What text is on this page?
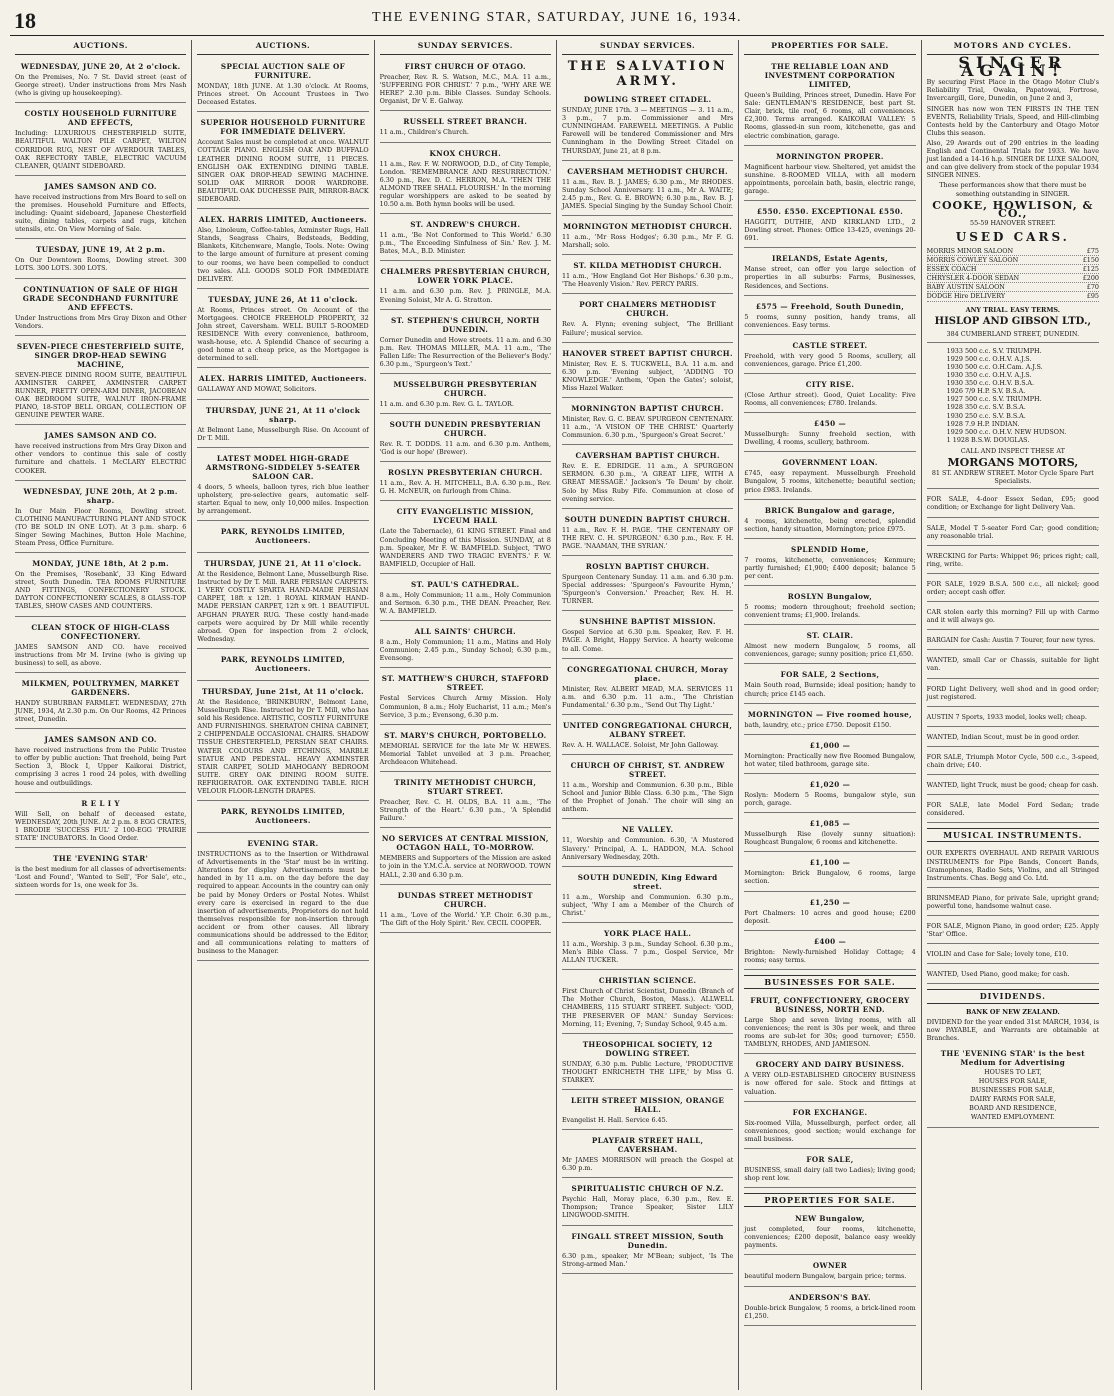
18	THE EVENING STAR, SATURDAY, JUNE 16, 1934.
AUCTIONS.
WEDNESDAY, JUNE 20, At 2 o'clock.
On the Premises, No. 7 St. David street (east of George street). Under instructions from Mrs Nash (who is giving up housekeeping).
COSTLY HOUSEHOLD FURNITURE AND EFFECTS,
Including: LUXURIOUS CHESTERFIELD SUITE, BEAUTIFUL WALTON PILE CARPET, WILTON CORRIDOR RUG, NEST OF AVERDOUR TABLES, OAK REFECTORY TABLE, ELECTRIC VACUUM CLEANER, QUAINT SIDEBOARD.
JAMES SAMSON AND CO.
have received instructions from Mrs Board to sell on the premises. Household Furniture and Effects, including: Quaint sideboard, Japanese Chesterfield suite, dining tables, carpets and rugs, kitchen utensils, etc. On View Morning of Sale.
TUESDAY, JUNE 19, At 2 p.m.
On Our Downtown Rooms, Dowling street. 300 LOTS. 300 LOTS. 300 LOTS.
CONTINUATION OF SALE OF HIGH GRADE SECONDHAND FURNITURE AND EFFECTS.
Under Instructions from Mrs Gray Dixon and Other Vendors.
SEVEN-PIECE CHESTERFIELD SUITE, SINGER DROP-HEAD SEWING MACHINE,
SEVEN-PIECE DINING ROOM SUITE, BEAUTIFUL AXMINSTER CARPET, AXMINSTER CARPET RUNNER, PRETTY OPEN-ARM DINER, JACOBEAN OAK BEDROOM SUITE, WALNUT IRON-FRAME PIANO, 18-STOP BELL ORGAN, COLLECTION OF GENUINE PEWTER WARE.
JAMES SAMSON AND CO.
have received instructions from Mrs Gray Dixon and other vendors to continue this sale of costly furniture and chattels. 1 McCLARY ELECTRIC COOKER.
WEDNESDAY, JUNE 20th, At 2 p.m. sharp.
In Our Main Floor Rooms, Dowling street. CLOTHING MANUFACTURING PLANT AND STOCK (TO BE SOLD IN ONE LOT). At 3 p.m. sharp. 6 Singer Sewing Machines, Button Hole Machine, Steam Press, Office Furniture.
MONDAY, JUNE 18th, At 2 p.m.
On the Premises, 'Rosebank', 33 King Edward street, South Dunedin. TEA ROOMS FURNITURE AND FITTINGS, CONFECTIONERY STOCK. DAYTON CONFECTIONERY SCALES, 8 GLASS-TOP TABLES, SHOW CASES AND COUNTERS.
CLEAN STOCK OF HIGH-CLASS CONFECTIONERY.
JAMES SAMSON AND CO. have received instructions from Mr M. Irvine (who is giving up business) to sell, as above.
MILKMEN, POULTRYMEN, MARKET GARDENERS.
HANDY SUBURBAN FARMLET. WEDNESDAY, 27th JUNE, 1934, At 2.30 p.m. On Our Rooms, 42 Princes street, Dunedin.
JAMES SAMSON AND CO.
have received instructions from the Public Trustee to offer by public auction: That freehold, being Part Section 3, Block I, Upper Kaikorai District, comprising 3 acres 1 rood 24 poles, with dwelling house and outbuildings.
R E L I Y
Will Sell, on behalf of deceased estate, WEDNESDAY, 20th JUNE. At 2 p.m. 8 EGG CRATES, 1 BRODIE 'SUCCESS FUL' 2 100-EGG 'PRAIRIE STATE' INCUBATORS. In Good Order.
THE 'EVENING STAR'
is the best medium for all classes of advertisements: 'Lost and Found', 'Wanted to Sell', 'For Sale', etc., sixteen words for 1s, one week for 3s.
AUCTIONS.
SPECIAL AUCTION SALE OF FURNITURE.
MONDAY, 18th JUNE. At 1.30 o'clock. At Rooms, Princes street. On Account Trustees in Two Deceased Estates.
SUPERIOR HOUSEHOLD FURNITURE FOR IMMEDIATE DELIVERY.
Account Sales must be completed at once. WALNUT COTTAGE PIANO. ENGLISH OAK AND BUFFALO LEATHER DINING ROOM SUITE, 11 PIECES. ENGLISH OAK EXTENDING DINING TABLE. SINGER OAK DROP-HEAD SEWING MACHINE. SOLID OAK MIRROR DOOR WARDROBE. BEAUTIFUL OAK DUCHESSE PAIR, MIRROR-BACK SIDEBOARD.
ALEX. HARRIS LIMITED, Auctioneers.
Also, Linoleum, Coffee-tables, Axminster Rugs, Hall Stands, Seagrass Chairs, Bedsteads, Bedding, Blankets, Kitchenware, Mangle, Tools. Note: Owing to the large amount of furniture at present coming to our rooms, we have been compelled to conduct two sales. ALL GOODS SOLD FOR IMMEDIATE DELIVERY.
TUESDAY, JUNE 26, At 11 o'clock.
At Rooms, Princes street. On Account of the Mortgagees. CHOICE FREEHOLD PROPERTY, 32 John street, Caversham. WELL BUILT 5-ROOMED RESIDENCE With every convenience, bathroom, wash-house, etc. A Splendid Chance of securing a good home at a cheap price, as the Mortgagee is determined to sell.
ALEX. HARRIS LIMITED, Auctioneers.
GALLAWAY AND MOWAT, Solicitors.
THURSDAY, JUNE 21, At 11 o'clock sharp.
At Belmont Lane, Musselburgh Rise. On Account of Dr T. Mill.
LATEST MODEL HIGH-GRADE ARMSTRONG-SIDDELEY 5-SEATER SALOON CAR.
4 doors, 5 wheels, balloon tyres, rich blue leather upholstery, pre-selective gears, automatic self-starter. Equal to new, only 10,000 miles. Inspection by arrangement.
PARK, REYNOLDS LIMITED, Auctioneers.
THURSDAY, JUNE 21, At 11 o'clock.
At the Residence, Belmont Lane, Musselburgh Rise. Instructed by Dr T. Mill. RARE PERSIAN CARPETS. 1 VERY COSTLY SPARTA HAND-MADE PERSIAN CARPET, 18ft x 12ft. 1 ROYAL KIRMAN HAND-MADE PERSIAN CARPET, 12ft x 9ft. 1 BEAUTIFUL AFGHAN PRAYER RUG. These costly hand-made carpets were acquired by Dr Mill while recently abroad. Open for inspection from 2 o'clock, Wednesday.
PARK, REYNOLDS LIMITED, Auctioneers.
THURSDAY, June 21st, At 11 o'clock.
At the Residence, 'BRINKBURN', Belmont Lane, Musselburgh Rise. Instructed by Dr T. Mill, who has sold his Residence. ARTISTIC, COSTLY FURNITURE AND FURNISHINGS. SHERATON CHINA CABINET, 2 CHIPPENDALE OCCASIONAL CHAIRS. SHADOW TISSUE CHESTERFIELD, PERSIAN SEAT CHAIRS. WATER COLOURS AND ETCHINGS, MARBLE STATUE AND PEDESTAL. HEAVY AXMINSTER STAIR CARPET, SOLID MAHOGANY BEDROOM SUITE. GREY OAK DINING ROOM SUITE. REFRIGERATOR. OAK EXTENDING TABLE. RICH VELOUR FLOOR-LENGTH DRAPES.
PARK, REYNOLDS LIMITED, Auctioneers.
EVENING STAR.
INSTRUCTIONS as to the Insertion or Withdrawal of Advertisements in the 'Star' must be in writing. Alterations for display Advertisements must be handed in by 11 a.m. on the day before the day required to appear. Accounts in the country can only be paid by Money Orders or Postal Notes. Whilst every care is exercised in regard to the due insertion of advertisements, Proprietors do not hold themselves responsible for non-insertion through accident or from other causes. All library communications should be addressed to the Editor, and all communications relating to matters of business to the Manager.
SUNDAY SERVICES.
FIRST CHURCH OF OTAGO.
Preacher, Rev. R. S. Watson, M.C., M.A. 11 a.m., 'SUFFERING FOR CHRIST.' 7 p.m., 'WHY ARE WE HERE?' 2.30 p.m. Bible Classes. Sunday Schools. Organist, Dr V. E. Galway.
RUSSELL STREET BRANCH.
11 a.m., Children's Church.
KNOX CHURCH.
11 a.m., Rev. F. W. NORWOOD, D.D., of City Temple, London. 'REMEMBRANCE AND RESURRECTION.' 6.30 p.m., Rev. D. C. HERRON, M.A. 'THEN THE ALMOND TREE SHALL FLOURISH.' In the morning regular worshippers are asked to be seated by 10.50 a.m. Both hymn books will be used.
ST. ANDREW'S CHURCH.
11 a.m., 'Be Not Conformed to This World.' 6.30 p.m., 'The Exceeding Sinfulness of Sin.' Rev. J. M. Bates, M.A., B.D. Minister.
CHALMERS PRESBYTERIAN CHURCH, LOWER YORK PLACE.
11 a.m. and 6.30 p.m. Rev. J. PRINGLE, M.A. Evening Soloist, Mr A. G. Stratton.
ST. STEPHEN'S CHURCH, NORTH DUNEDIN.
Corner Dunedin and Howe streets. 11 a.m. and 6.30 p.m. Rev. THOMAS MILLER, M.A. 11 a.m., 'The Fallen Life: The Resurrection of the Believer's Body.' 6.30 p.m., 'Spurgeon's Text.'
MUSSELBURGH PRESBYTERIAN CHURCH.
11 a.m. and 6.30 p.m. Rev. G. L. TAYLOR.
SOUTH DUNEDIN PRESBYTERIAN CHURCH.
Rev. R. T. DODDS. 11 a.m. and 6.30 p.m. Anthem, 'God is our hope' (Brewer).
ROSLYN PRESBYTERIAN CHURCH.
11 a.m., Rev. A. H. MITCHELL, B.A. 6.30 p.m., Rev. G. H. McNEUR, on furlough from China.
CITY EVANGELISTIC MISSION, LYCEUM HALL
(Late the Tabernacle), 61 KING STREET. Final and Concluding Meeting of this Mission. SUNDAY, at 8 p.m. Speaker, Mr F. W. BAMFIELD. Subject, 'TWO WANDERERS AND TWO TRAGIC EVENTS.' F. W. BAMFIELD, Occupier of Hall.
ST. PAUL'S CATHEDRAL.
8 a.m., Holy Communion; 11 a.m., Holy Communion and Sermon. 6.30 p.m., THE DEAN. Preacher, Rev. W. A. BAMFIELD.
ALL SAINTS' CHURCH.
8 a.m., Holy Communion; 11 a.m., Matins and Holy Communion; 2.45 p.m., Sunday School; 6.30 p.m., Evensong.
ST. MATTHEW'S CHURCH, STAFFORD STREET.
Festal Services Church Army Mission. Holy Communion, 8 a.m.; Holy Eucharist, 11 a.m.; Men's Service, 3 p.m.; Evensong, 6.30 p.m.
ST. MARY'S CHURCH, PORTOBELLO.
MEMORIAL SERVICE for the late Mr W. HEWES. Memorial Tablet unveiled at 3 p.m. Preacher, Archdeacon Whitehead.
TRINITY METHODIST CHURCH, STUART STREET.
Preacher, Rev. C. H. OLDS, B.A. 11 a.m., 'The Strength of the Heart.' 6.30 p.m., 'A Splendid Failure.'
NO SERVICES AT CENTRAL MISSION, OCTAGON HALL, TO-MORROW.
MEMBERS and Supporters of the Mission are asked to join in the Y.M.C.A. service at NORWOOD. TOWN HALL, 2.30 and 6.30 p.m.
DUNDAS STREET METHODIST CHURCH.
11 a.m., 'Love of the World.' Y.P. Choir. 6.30 p.m., 'The Gift of the Holy Spirit.' Rev. CECIL COOPER.
SUNDAY SERVICES.
THE SALVATION ARMY.
DOWLING STREET CITADEL.
SUNDAY, JUNE 17th. 3 — MEETINGS — 3. 11 a.m., 3 p.m., 7 p.m. Commissioner and Mrs CUNNINGHAM. FAREWELL MEETINGS. A Public Farewell will be tendered Commissioner and Mrs Cunningham in the Dowling Street Citadel on THURSDAY, June 21, at 8 p.m.
CAVERSHAM METHODIST CHURCH.
11 a.m., Rev. B. J. JAMES; 6.30 p.m., Mr RHODES. Sunday School Anniversary. 11 a.m., Mr A. WAITE; 2.45 p.m., Rev. G. E. BROWN; 6.30 p.m., Rev. B. J. JAMES. Special Singing by the Sunday School Choir.
MORNINGTON METHODIST CHURCH.
11 a.m., 'Mr Ross Hodges'; 6.30 p.m., Mr F. G. Marshall; solo.
ST. KILDA METHODIST CHURCH.
11 a.m., 'How England Got Her Bishops.' 6.30 p.m., 'The Heavenly Vision.' Rev. PERCY PARIS.
PORT CHALMERS METHODIST CHURCH.
Rev. A. Flynn; evening subject, 'The Brilliant Failure'; musical service.
HANOVER STREET BAPTIST CHURCH.
Minister, Rev. E. S. TUCKWELL, B.A. 11 a.m. and 6.30 p.m. 'Evening subject, 'ADDING TO KNOWLEDGE.' Anthem, 'Open the Gates'; soloist, Miss Hazel Walker.
MORNINGTON BAPTIST CHURCH.
Minister, Rev. G. C. BEAV. SPURGEON CENTENARY. 11 a.m., 'A VISION OF THE CHRIST.' Quarterly Communion. 6.30 p.m., 'Spurgeon's Great Secret.'
CAVERSHAM BAPTIST CHURCH.
Rev. E. E. EDRIDGE. 11 a.m., A SPURGEON SERMON. 6.30 p.m., 'A GREAT LIFE, WITH A GREAT MESSAGE.' Jackson's 'Te Deum' by choir. Solo by Miss Ruby Fife. Communion at close of evening service.
SOUTH DUNEDIN BAPTIST CHURCH.
11 a.m., Rev. F. H. PAGE. 'THE CENTENARY OF THE REV. C. H. SPURGEON.' 6.30 p.m., Rev. F. H. PAGE. 'NAAMAN, THE SYRIAN.'
ROSLYN BAPTIST CHURCH.
Spurgeon Centenary Sunday. 11 a.m. and 6.30 p.m. Special addresses: 'Spurgeon's Favourite Hymn,' 'Spurgeon's Conversion.' Preacher, Rev. H. H. TURNER.
SUNSHINE BAPTIST MISSION.
Gospel Service at 6.30 p.m. Speaker, Rev. F. H. PAGE. A Bright, Happy Service. A hearty welcome to all. Come.
CONGREGATIONAL CHURCH, Moray place.
Minister, Rev. ALBERT MEAD, M.A. SERVICES 11 a.m. and 6.30 p.m. 11 a.m., 'The Christian Fundamental.' 6.30 p.m., 'Send Out Thy Light.'
UNITED CONGREGATIONAL CHURCH, ALBANY STREET.
Rev. A. H. WALLACE. Soloist, Mr John Galloway.
CHURCH OF CHRIST, ST. ANDREW STREET.
11 a.m., Worship and Communion. 6.30 p.m., Bible School and Junior Bible Class. 6.30 p.m., 'The Sign of the Prophet of Jonah.' The choir will sing an anthem.
NE VALLEY.
11, Worship and Communion. 6.30, 'A Mustered Slavery.' Principal, A. L. HADDON, M.A. School Anniversary Wednesday, 20th.
SOUTH DUNEDIN, King Edward street.
11 a.m., Worship and Communion. 6.30 p.m., subject, 'Why I am a Member of the Church of Christ.'
YORK PLACE HALL.
11 a.m., Worship. 3 p.m., Sunday School. 6.30 p.m., Men's Bible Class. 7 p.m., Gospel Service, Mr ALLAN TUCKER.
CHRISTIAN SCIENCE.
First Church of Christ Scientist, Dunedin (Branch of The Mother Church, Boston, Mass.). ALLWELL CHAMBERS, 115 STUART STREET. Subject: 'GOD, THE PRESERVER OF MAN.' Sunday Services: Morning, 11; Evening, 7; Sunday School, 9.45 a.m.
THEOSOPHICAL SOCIETY, 12 DOWLING STREET.
SUNDAY, 6.30 p.m. Public Lecture, 'PRODUCTIVE THOUGHT ENRICHETH THE LIFE,' by Miss G. STARKEY.
LEITH STREET MISSION, ORANGE HALL.
Evangelist H. Hall. Service 6.45.
PLAYFAIR STREET HALL, CAVERSHAM.
Mr JAMES MORRISON will preach the Gospel at 6.30 p.m.
SPIRITUALISTIC CHURCH OF N.Z.
Psychic Hall, Moray place, 6.30 p.m., Rev. E. Thompson; Trance Speaker, Sister LILY LINGWOOD-SMITH.
FINGALL STREET MISSION, South Dunedin.
6.30 p.m., speaker, Mr M'Bean; subject, 'Is The Strong-armed Man.'
PROPERTIES FOR SALE.
THE RELIABLE LOAN AND INVESTMENT CORPORATION LIMITED,
Queen's Building, Princes street, Dunedin. Have For Sale: GENTLEMAN'S RESIDENCE, best part St. Clair, brick, tile roof, 6 rooms, all conveniences. £2,300. Terms arranged. KAIKORAI VALLEY: 5 Rooms, glassed-in sun room, kitchenette, gas and electric combination, garage.
MORNINGTON PROPER.
Magnificent harbour view. Sheltered, yet amidst the sunshine. 8-ROOMED VILLA, with all modern appointments, porcelain bath, basin, electric range, garage.
£550. £550. EXCEPTIONAL £550.
HAGGITT, DUTHIE, AND KIRKLAND LTD., 2 Dowling street. Phones: Office 13-425, evenings 20-691.
IRELANDS, Estate Agents,
Manse street, can offer you large selection of properties in all suburbs: Farms, Businesses, Residences, and Sections.
£575 — Freehold, South Dunedin,
5 rooms, sunny position, handy trams, all conveniences. Easy terms.
CASTLE STREET.
Freehold, with very good 5 Rooms, scullery, all conveniences, garage. Price £1,200.
CITY RISE.
(Close Arthur street). Good, Quiet Locality: Five Rooms, all conveniences; £780. Irelands.
£450 —
Musselburgh: Sunny freehold section, with Dwelling, 4 rooms, scullery, bathroom.
GOVERNMENT LOAN.
£745, easy repayment. Musselburgh Freehold Bungalow, 5 rooms, kitchenette; beautiful section; price £983. Irelands.
BRICK Bungalow and garage,
4 rooms, kitchenette, being erected, splendid section, handy situation, Mornington; price £975.
SPLENDID Home,
7 rooms, kitchenette, conveniences; Kenmure; partly furnished; £1,900; £400 deposit; balance 5 per cent.
ROSLYN Bungalow,
5 rooms; modern throughout; freehold section; convenient trams; £1,900. Irelands.
ST. CLAIR.
Almost new modern Bungalow, 5 rooms, all conveniences, garage; sunny position; price £1,650.
FOR SALE, 2 Sections,
Main South road, Burnside; ideal position; handy to church; price £145 each.
MORNINGTON — Five roomed house,
bath, laundry, etc.; price £750. Deposit £150.
£1,000 —
Mornington: Practically new five Roomed Bungalow, hot water, tiled bathroom, garage site.
£1,020 —
Roslyn: Modern 5 Rooms, bungalow style, sun porch, garage.
£1,085 —
Musselburgh Rise (lovely sunny situation): Roughcast Bungalow, 6 rooms and kitchenette.
£1,100 —
Mornington: Brick Bungalow, 6 rooms, large section.
£1,250 —
Port Chalmers: 10 acres and good house; £200 deposit.
£400 —
Brighton: Newly-furnished Holiday Cottage; 4 rooms; easy terms.
BUSINESSES FOR SALE.
FRUIT, CONFECTIONERY, GROCERY BUSINESS, NORTH END.
Large Shop and seven living rooms, with all conveniences; the rent is 30s per week, and three rooms are sub-let for 30s; good turnover; £550. TAMBLYN, RHODES, AND JAMIESON.
GROCERY AND DAIRY BUSINESS.
A VERY OLD-ESTABLISHED GROCERY BUSINESS is now offered for sale. Stock and fittings at valuation.
FOR EXCHANGE.
Six-roomed Villa, Musselburgh, perfect order, all conveniences, good section; would exchange for small business.
FOR SALE,
BUSINESS, small dairy (all two Ladies); living good; shop rent low.
PROPERTIES FOR SALE.
NEW Bungalow,
just completed, four rooms, kitchenette, conveniences; £200 deposit, balance easy weekly payments.
OWNER
beautiful modern Bungalow, bargain price; terms.
ANDERSON'S BAY.
Double-brick Bungalow, 5 rooms, a brick-lined room £1,250.
MOTORS AND CYCLES.
SINGER AGAIN!
By securing First Place in the Otago Motor Club's Reliability Trial, Owaka, Papatowai, Fortrose, Invercargill, Gore, Dunedin, on June 2 and 3,
SINGER has now won TEN FIRSTS IN THE TEN EVENTS, Reliability Trials, Speed, and Hill-climbing Contests held by the Canterbury and Otago Motor Clubs this season.
Also, 29 Awards out of 290 entries in the leading English and Continental Trials for 1933. We have just landed a 14-16 h.p. SINGER DE LUXE SALOON, and can give delivery from stock of the popular 1934 SINGER NINES.
These performances show that there must be something outstanding in SINGER.
COOKE, HOWLISON, & CO.,
55-59 HANOVER STREET.
USED CARS.
MORRIS MINOR SALOON	£75
MORRIS COWLEY SALOON	£150
ESSEX COACH	£125
CHRYSLER 4-DOOR SEDAN	£200
BABY AUSTIN SALOON	£70
DODGE Hire DELIVERY	£95
ANY TRIAL. EASY TERMS.
HISLOP AND GIBSON LTD.,
384 CUMBERLAND STREET, DUNEDIN.
1933 500 c.c. S.V. TRIUMPH.
1929 500 c.c. O.H.V. A.J.S.
1930 500 c.c. O.H.Cam. A.J.S.
1930 350 c.c. O.H.V. A.J.S.
1930 350 c.c. O.H.V. B.S.A.
1926 7/9 H.P. S.V. B.S.A.
1927 500 c.c. S.V. TRIUMPH.
1928 350 c.c. S.V. B.S.A.
1930 250 c.c. S.V. B.S.A.
1928 7.9 H.P. INDIAN.
1929 500 c.c. O.H.V. NEW HUDSON.
1 1928 B.S.W. DOUGLAS.
CALL AND INSPECT THESE AT
MORGANS MOTORS,
81 ST. ANDREW STREET. Motor Cycle Spare Part Specialists.
FOR SALE, 4-door Essex Sedan, £95; good condition; or Exchange for light Delivery Van.
SALE, Model T 5-seater Ford Car; good condition; any reasonable trial.
WRECKING for Parts: Whippet 96; prices right; call, ring, write.
FOR SALE, 1929 B.S.A. 500 c.c., all nickel; good order; accept cash offer.
CAR stolen early this morning? Fill up with Carmo and it will always go.
BARGAIN for Cash: Austin 7 Tourer, four new tyres.
WANTED, small Car or Chassis, suitable for light van.
FORD Light Delivery, well shod and in good order; just registered.
AUSTIN 7 Sports, 1933 model, looks well; cheap.
WANTED, Indian Scout, must be in good order.
FOR SALE, Triumph Motor Cycle, 500 c.c., 3-speed, chain drive; £40.
WANTED, light Truck, must be good; cheap for cash.
FOR SALE, late Model Ford Sedan; trade considered.
MUSICAL INSTRUMENTS.
OUR EXPERTS OVERHAUL AND REPAIR VARIOUS INSTRUMENTS for Pipe Bands, Concert Bands, Gramophones, Radio Sets, Violins, and all Stringed Instruments. Chas. Begg and Co. Ltd.
BRINSMEAD Piano, for private Sale, upright grand; powerful tone, handsome walnut case.
FOR SALE, Mignon Piano, in good order; £25. Apply 'Star' Office.
VIOLIN and Case for Sale; lovely tone, £10.
WANTED, Used Piano, good make; for cash.
DIVIDENDS.
BANK OF NEW ZEALAND.
DIVIDEND for the year ended 31st MARCH, 1934, is now PAYABLE, and Warrants are obtainable at Branches.
THE 'EVENING STAR' is the best Medium for Advertising
HOUSES TO LET,
HOUSES FOR SALE,
BUSINESSES FOR SALE,
DAIRY FARMS FOR SALE,
BOARD AND RESIDENCE,
WANTED EMPLOYMENT.
